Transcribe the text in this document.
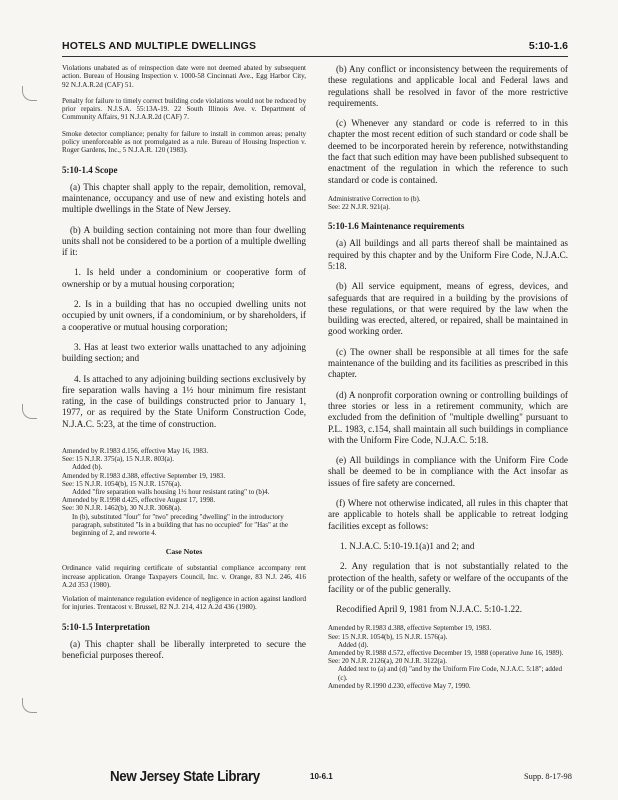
HOTELS AND MULTIPLE DWELLINGS	5:10-1.6

Violations unabated as of reinspection date were not deemed abated by subsequent action. Bureau of Housing Inspection v. 1000-58 Cincinnati Ave., Egg Harbor City, 92 N.J.A.R.2d (CAF) 51.

Penalty for failure to timely correct building code violations would not be reduced by prior repairs. N.J.S.A. 55:13A-19. 22 South Illinois Ave. v. Department of Community Affairs, 91 N.J.A.R.2d (CAF) 7.

Smoke detector compliance; penalty for failure to install in common areas; penalty policy unenforceable as not promulgated as a rule. Bureau of Housing Inspection v. Roger Gardens, Inc., 5 N.J.A.R. 120 (1983).

5:10-1.4 Scope

(a) This chapter shall apply to the repair, demolition, removal, maintenance, occupancy and use of new and existing hotels and multiple dwellings in the State of New Jersey.

(b) A building section containing not more than four dwelling units shall not be considered to be a portion of a multiple dwelling if it:

1. Is held under a condominium or cooperative form of ownership or by a mutual housing corporation;

2. Is in a building that has no occupied dwelling units not occupied by unit owners, if a condominium, or by shareholders, if a cooperative or mutual housing corporation;

3. Has at least two exterior walls unattached to any adjoining building section; and

4. Is attached to any adjoining building sections exclusively by fire separation walls having a 1½ hour minimum fire resistant rating, in the case of buildings constructed prior to January 1, 1977, or as required by the State Uniform Construction Code, N.J.A.C. 5:23, at the time of construction.

Amended by R.1983 d.156, effective May 16, 1983.

See: 15 N.J.R. 375(a), 15 N.J.R. 803(a).

Added (b).

Amended by R.1983 d.388, effective September 19, 1983.

See: 15 N.J.R. 1054(b), 15 N.J.R. 1576(a).

Added "fire separation walls housing 1½ hour resistant rating" to (b)4.

Amended by R.1998 d.425, effective August 17, 1998.

See: 30 N.J.R. 1462(b), 30 N.J.R. 3068(a).

In (b), substituted "four" for "two" preceding "dwelling" in the introductory paragraph, substituted "Is in a building that has no occupied" for "Has" at the beginning of 2, and reworte 4.

Case Notes

Ordinance valid requiring certificate of substantial compliance accompany rent increase application. Orange Taxpayers Council, Inc. v. Orange, 83 N.J. 246, 416 A.2d 353 (1980).

Violation of maintenance regulation evidence of negligence in action against landlord for injuries. Trentacost v. Brussel, 82 N.J. 214, 412 A.2d 436 (1980).

5:10-1.5 Interpretation

(a) This chapter shall be liberally interpreted to secure the beneficial purposes thereof.

(b) Any conflict or inconsistency between the requirements of these regulations and applicable local and Federal laws and regulations shall be resolved in favor of the more restrictive requirements.

(c) Whenever any standard or code is referred to in this chapter the most recent edition of such standard or code shall be deemed to be incorporated herein by reference, notwithstanding the fact that such edition may have been published subsequent to enactment of the regulation in which the reference to such standard or code is contained.

Administrative Correction to (b).

See: 22 N.J.R. 921(a).

5:10-1.6 Maintenance requirements

(a) All buildings and all parts thereof shall be maintained as required by this chapter and by the Uniform Fire Code, N.J.A.C. 5:18.

(b) All service equipment, means of egress, devices, and safeguards that are required in a building by the provisions of these regulations, or that were required by the law when the building was erected, altered, or repaired, shall be maintained in good working order.

(c) The owner shall be responsible at all times for the safe maintenance of the building and its facilities as prescribed in this chapter.

(d) A nonprofit corporation owning or controlling buildings of three stories or less in a retirement community, which are excluded from the definition of "multiple dwelling" pursuant to P.L. 1983, c.154, shall maintain all such buildings in compliance with the Uniform Fire Code, N.J.A.C. 5:18.

(e) All buildings in compliance with the Uniform Fire Code shall be deemed to be in compliance with the Act insofar as issues of fire safety are concerned.

(f) Where not otherwise indicated, all rules in this chapter that are applicable to hotels shall be applicable to retreat lodging facilities except as follows:

1. N.J.A.C. 5:10-19.1(a)1 and 2; and

2. Any regulation that is not substantially related to the protection of the health, safety or welfare of the occupants of the facility or of the public generally.

Recodified April 9, 1981 from N.J.A.C. 5:10-1.22.

Amended by R.1983 d.388, effective September 19, 1983.

See: 15 N.J.R. 1054(b), 15 N.J.R. 1576(a).

Added (d).

Amended by R.1988 d.572, effective December 19, 1988 (operative June 16, 1989).

See: 20 N.J.R. 2126(a), 20 N.J.R. 3122(a).

Added text to (a) and (d) "and by the Uniform Fire Code, N.J.A.C. 5:18"; added (c).

Amended by R.1990 d.230, effective May 7, 1990.

New Jersey State Library	10-6.1	Supp. 8-17-98
